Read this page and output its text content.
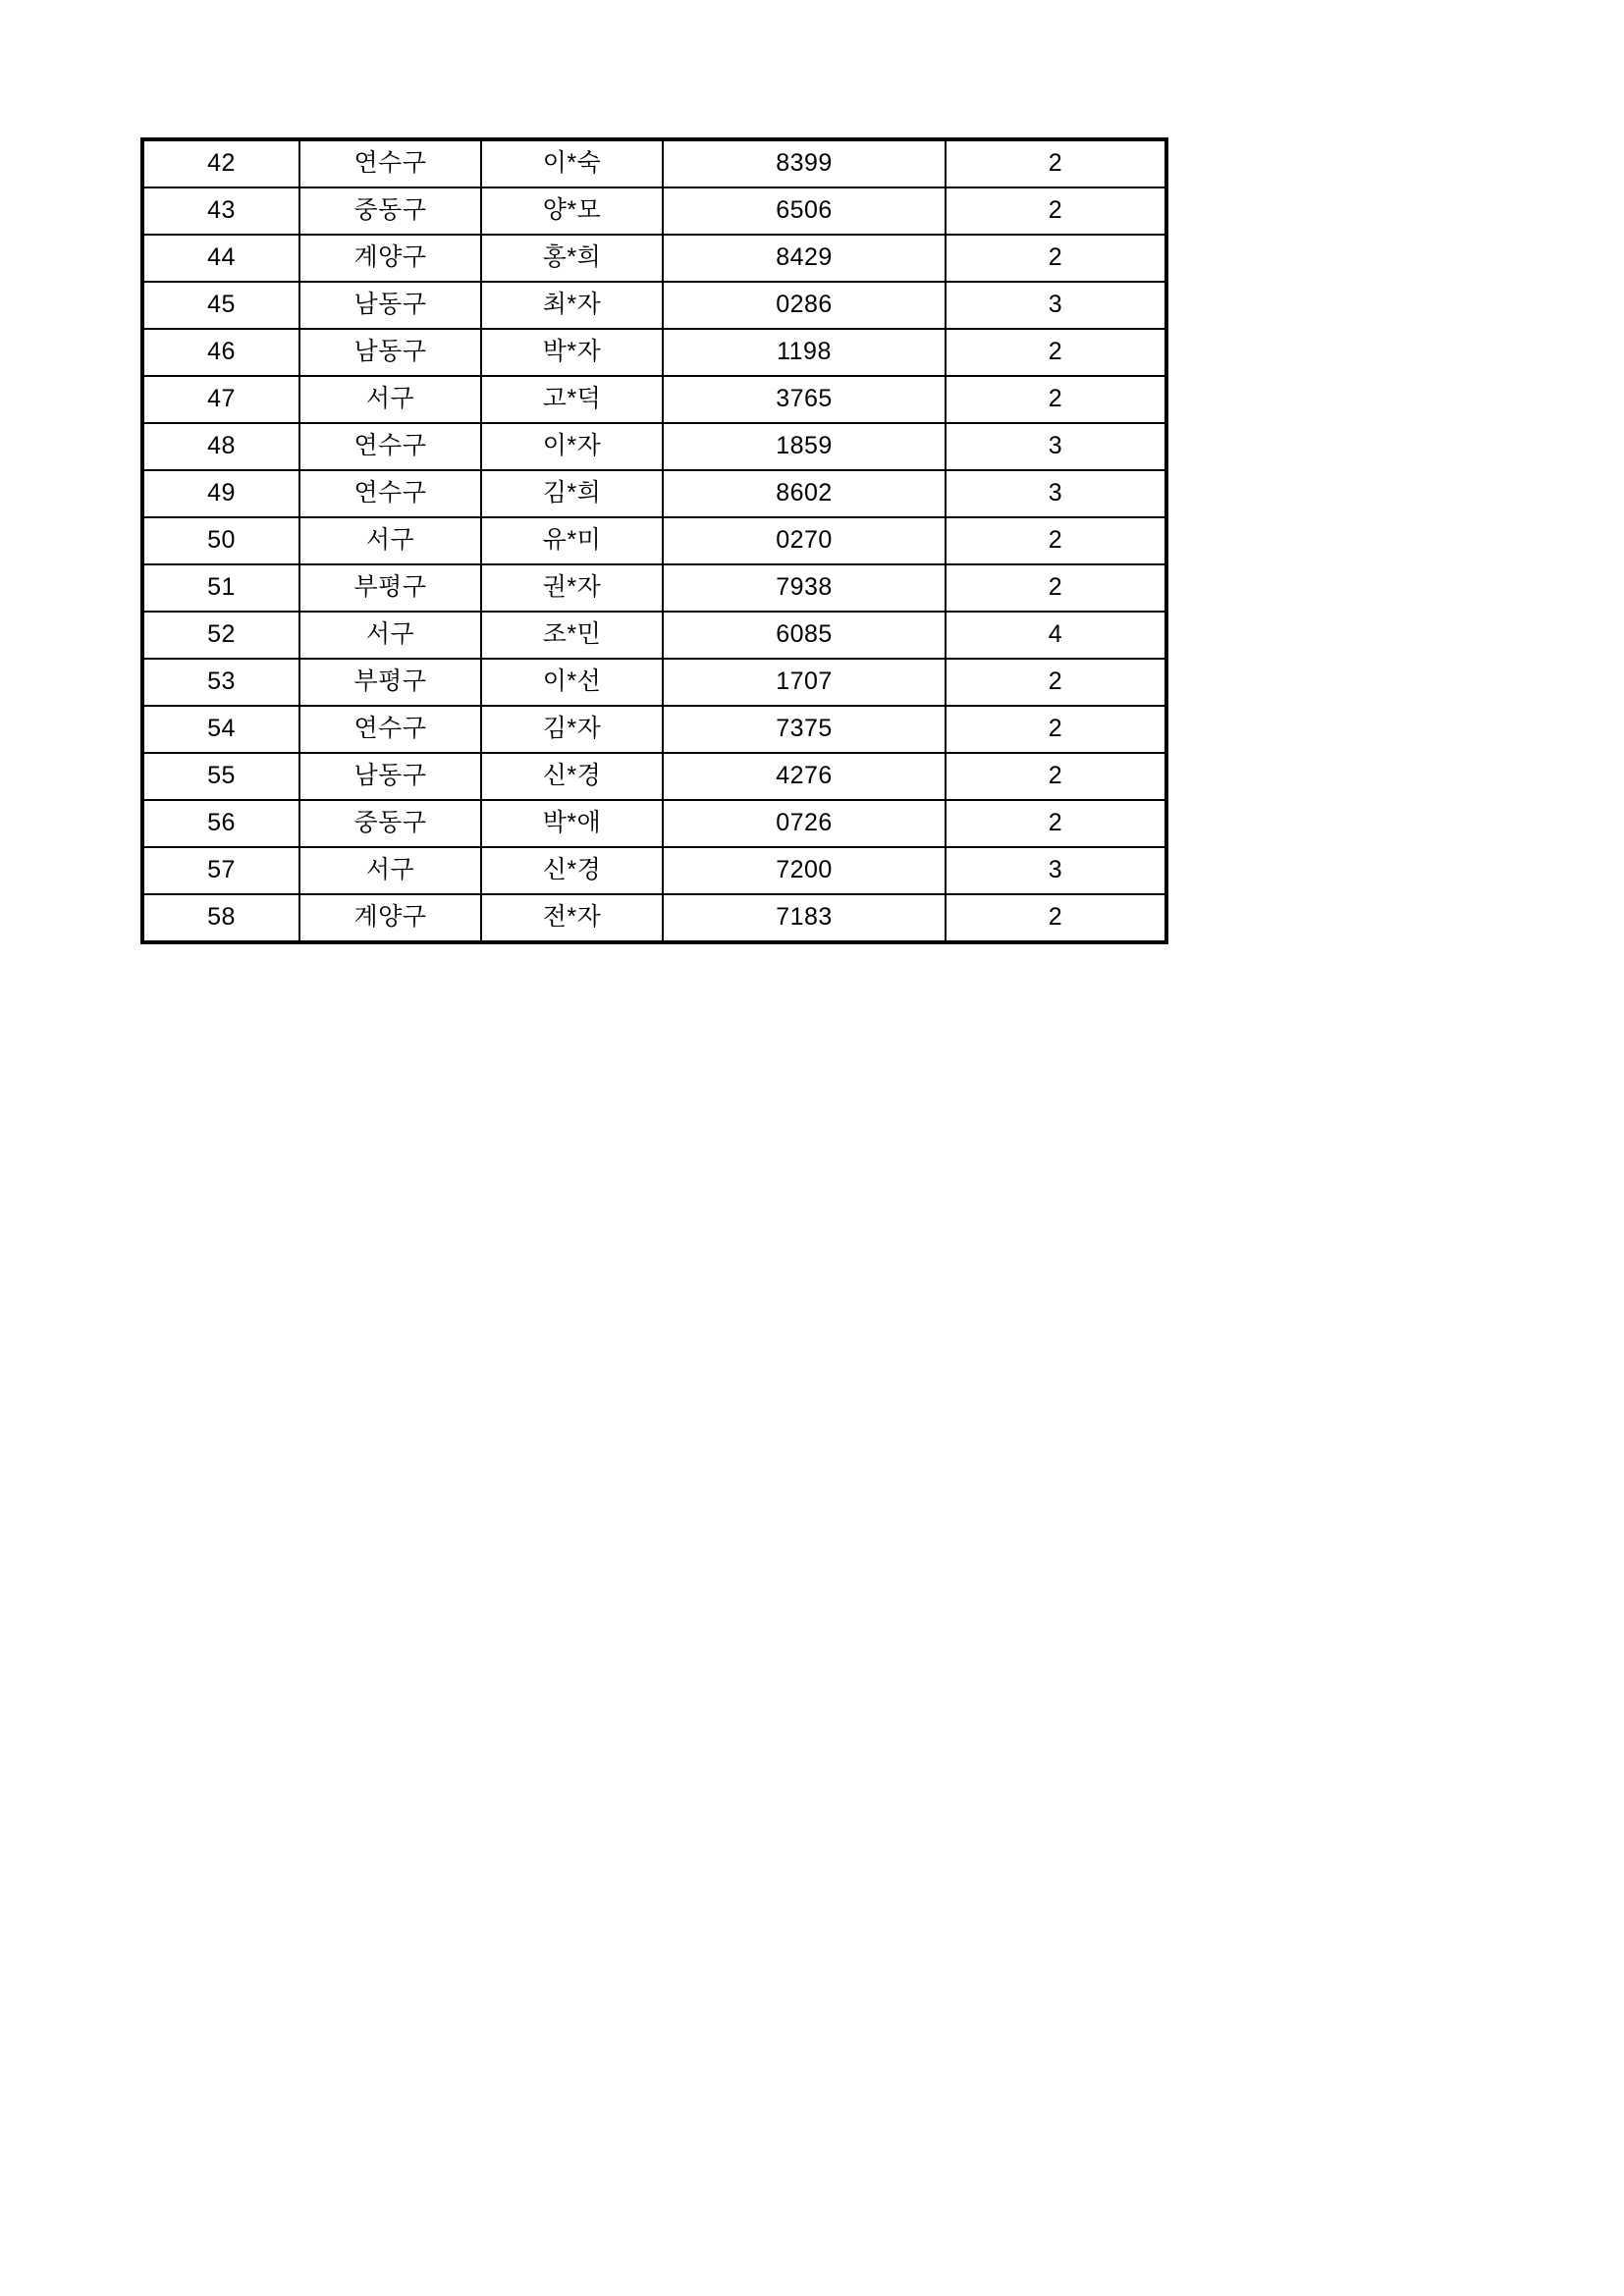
42	연수구	이*숙	8399	2
43	중동구	양*모	6506	2
44	계양구	홍*희	8429	2
45	남동구	최*자	0286	3
46	남동구	박*자	1198	2
47	서구	고*덕	3765	2
48	연수구	이*자	1859	3
49	연수구	김*희	8602	3
50	서구	유*미	0270	2
51	부평구	권*자	7938	2
52	서구	조*민	6085	4
53	부평구	이*선	1707	2
54	연수구	김*자	7375	2
55	남동구	신*경	4276	2
56	중동구	박*애	0726	2
57	서구	신*경	7200	3
58	계양구	전*자	7183	2
